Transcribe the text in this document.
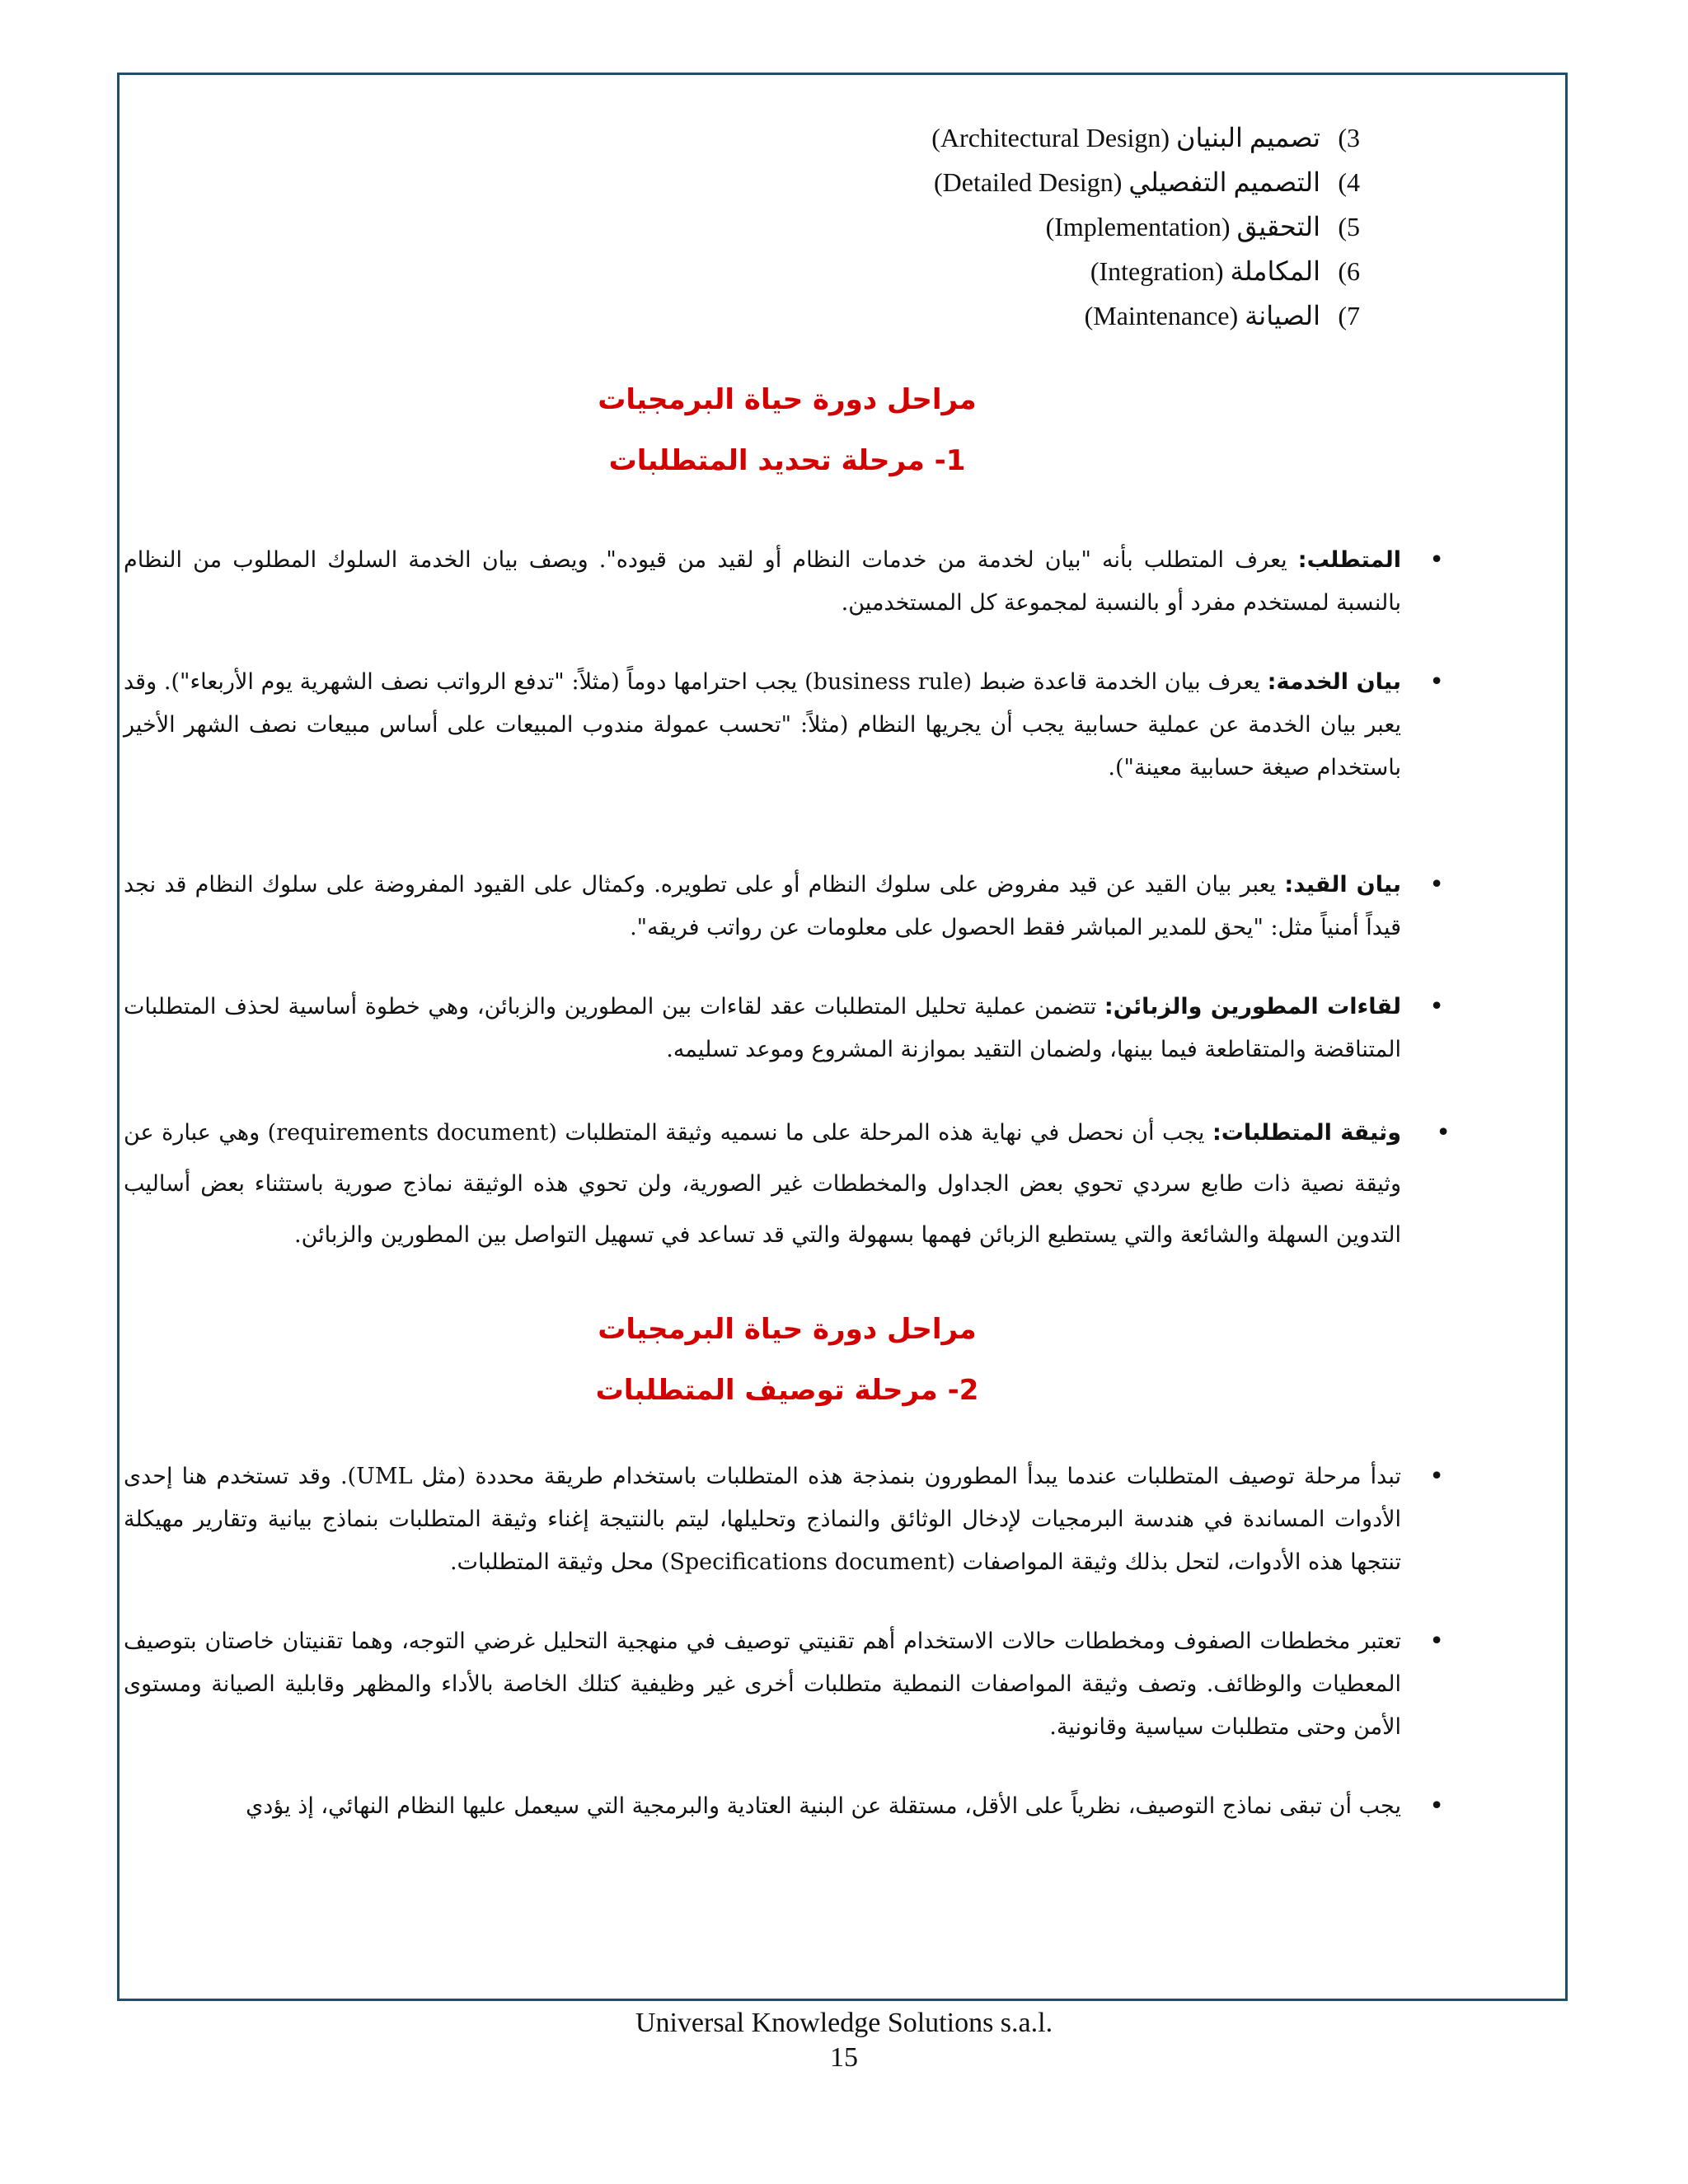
3) تصميم البنيان (Architectural Design)
4) التصميم التفصيلي (Detailed Design)
5) التحقيق (Implementation)
6) المكاملة (Integration)
7) الصيانة (Maintenance)
مراحل دورة حياة البرمجيات
1- مرحلة تحديد المتطلبات
•
المتطلب: يعرف المتطلب بأنه "بيان لخدمة من خدمات النظام أو لقيد من قيوده". ويصف بيان الخدمة السلوك المطلوب من النظام بالنسبة لمستخدم مفرد أو بالنسبة لمجموعة كل المستخدمين.
•
بيان الخدمة: يعرف بيان الخدمة قاعدة ضبط (business rule) يجب احترامها دوماً (مثلاً: "تدفع الرواتب نصف الشهرية يوم الأربعاء"). وقد يعبر بيان الخدمة عن عملية حسابية يجب أن يجريها النظام (مثلاً: "تحسب عمولة مندوب المبيعات على أساس مبيعات نصف الشهر الأخير باستخدام صيغة حسابية معينة").
•
بيان القيد: يعبر بيان القيد عن قيد مفروض على سلوك النظام أو على تطويره. وكمثال على القيود المفروضة على سلوك النظام قد نجد قيداً أمنياً مثل: "يحق للمدير المباشر فقط الحصول على معلومات عن رواتب فريقه".
•
لقاءات المطورين والزبائن: تتضمن عملية تحليل المتطلبات عقد لقاءات بين المطورين والزبائن، وهي خطوة أساسية لحذف المتطلبات المتناقضة والمتقاطعة فيما بينها، ولضمان التقيد بموازنة المشروع وموعد تسليمه.
•
وثيقة المتطلبات: يجب أن نحصل في نهاية هذه المرحلة على ما نسميه وثيقة المتطلبات (requirements document) وهي عبارة عن وثيقة نصية ذات طابع سردي تحوي بعض الجداول والمخططات غير الصورية، ولن تحوي هذه الوثيقة نماذج صورية باستثناء بعض أساليب التدوين السهلة والشائعة والتي يستطيع الزبائن فهمها بسهولة والتي قد تساعد في تسهيل التواصل بين المطورين والزبائن.
مراحل دورة حياة البرمجيات
2- مرحلة توصيف المتطلبات
•
تبدأ مرحلة توصيف المتطلبات عندما يبدأ المطورون بنمذجة هذه المتطلبات باستخدام طريقة محددة (مثل UML). وقد تستخدم هنا إحدى الأدوات المساندة في هندسة البرمجيات لإدخال الوثائق والنماذج وتحليلها، ليتم بالنتيجة إغناء وثيقة المتطلبات بنماذج بيانية وتقارير مهيكلة تنتجها هذه الأدوات، لتحل بذلك وثيقة المواصفات (Specifications document) محل وثيقة المتطلبات.
•
تعتبر مخططات الصفوف ومخططات حالات الاستخدام أهم تقنيتي توصيف في منهجية التحليل غرضي التوجه، وهما تقنيتان خاصتان بتوصيف المعطيات والوظائف. وتصف وثيقة المواصفات النمطية متطلبات أخرى غير وظيفية كتلك الخاصة بالأداء والمظهر وقابلية الصيانة ومستوى الأمن وحتى متطلبات سياسية وقانونية.
•
يجب أن تبقى نماذج التوصيف، نظرياً على الأقل، مستقلة عن البنية العتادية والبرمجية التي سيعمل عليها النظام النهائي، إذ يؤدي
Universal Knowledge Solutions s.a.l.
15
